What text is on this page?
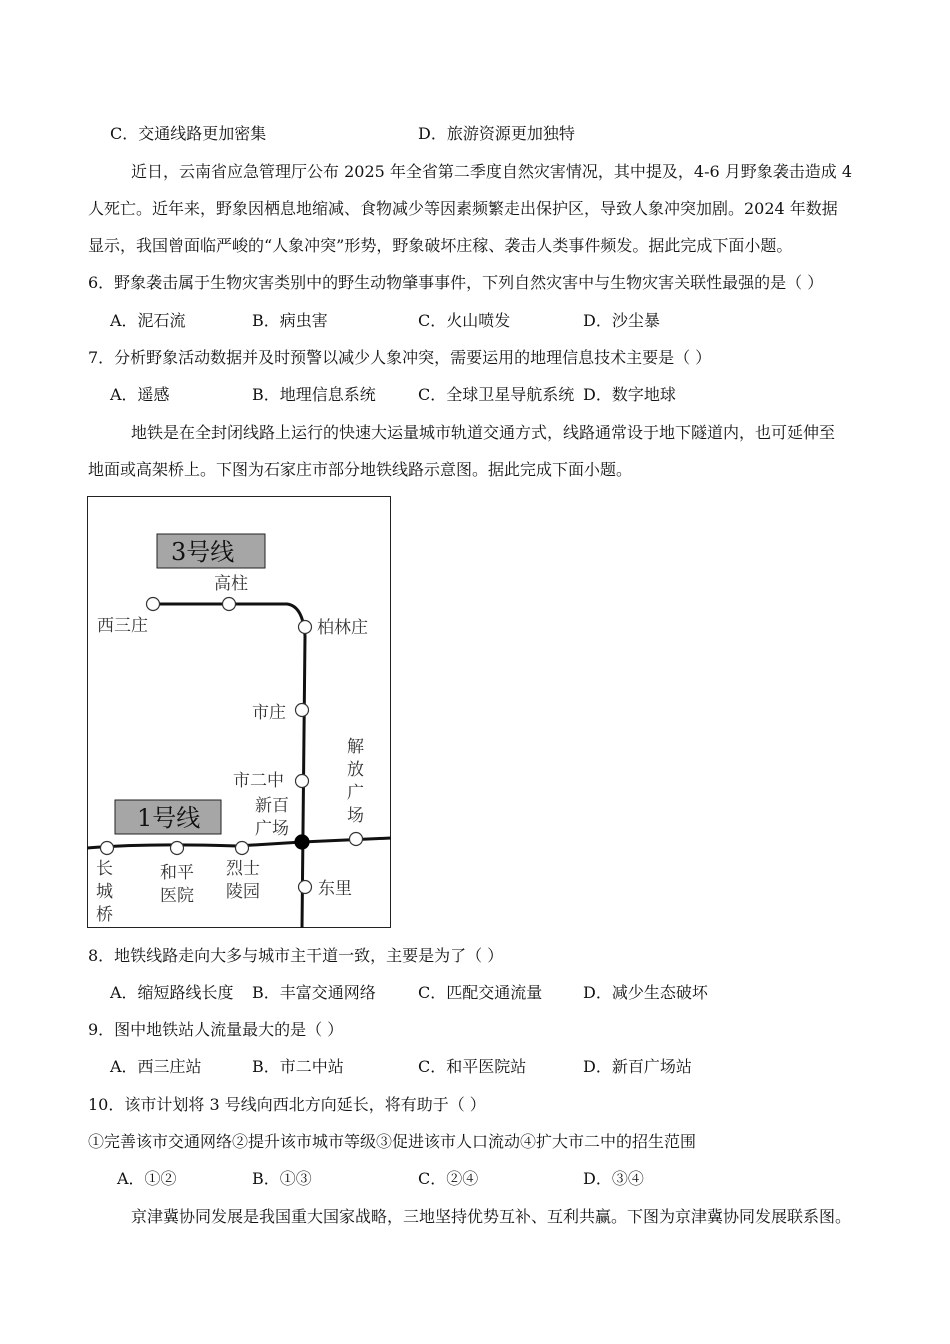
C．交通线路更加密集	D．旅游资源更加独特
近日，云南省应急管理厅公布 2025 年全省第二季度自然灾害情况，其中提及，4-6 月野象袭击造成 4
人死亡。近年来，野象因栖息地缩减、食物减少等因素频繁走出保护区，导致人象冲突加剧。2024 年数据
显示，我国曾面临严峻的“人象冲突”形势，野象破坏庄稼、袭击人类事件频发。据此完成下面小题。
6．野象袭击属于生物灾害类别中的野生动物肇事事件，下列自然灾害中与生物灾害关联性最强的是（ ）
A．泥石流	B．病虫害	C．火山喷发	D．沙尘暴
7．分析野象活动数据并及时预警以减少人象冲突，需要运用的地理信息技术主要是（ ）
A．遥感	B．地理信息系统	C．全球卫星导航系统 D．数字地球
地铁是在全封闭线路上运行的快速大运量城市轨道交通方式，线路通常设于地下隧道内，也可延伸至
地面或高架桥上。下图为石家庄市部分地铁线路示意图。据此完成下面小题。
3号线
1号线
西三庄
高柱
柏林庄
市庄
市二中
新百
广场
解
放
广
场
东里
长
城
桥
和平
医院
烈士
陵园
8．地铁线路走向大多与城市主干道一致，主要是为了（ ）
A．缩短路线长度 B．丰富交通网络	C．匹配交通流量	D．减少生态破坏
9．图中地铁站人流量最大的是（ ）
A．西三庄站	B．市二中站	C．和平医院站	D．新百广场站
10．该市计划将 3 号线向西北方向延长，将有助于（ ）
①完善该市交通网络②提升该市城市等级③促进该市人口流动④扩大市二中的招生范围
A．①②	B．①③	C．②④	D．③④
京津冀协同发展是我国重大国家战略，三地坚持优势互补、互利共赢。下图为京津冀协同发展联系图。
